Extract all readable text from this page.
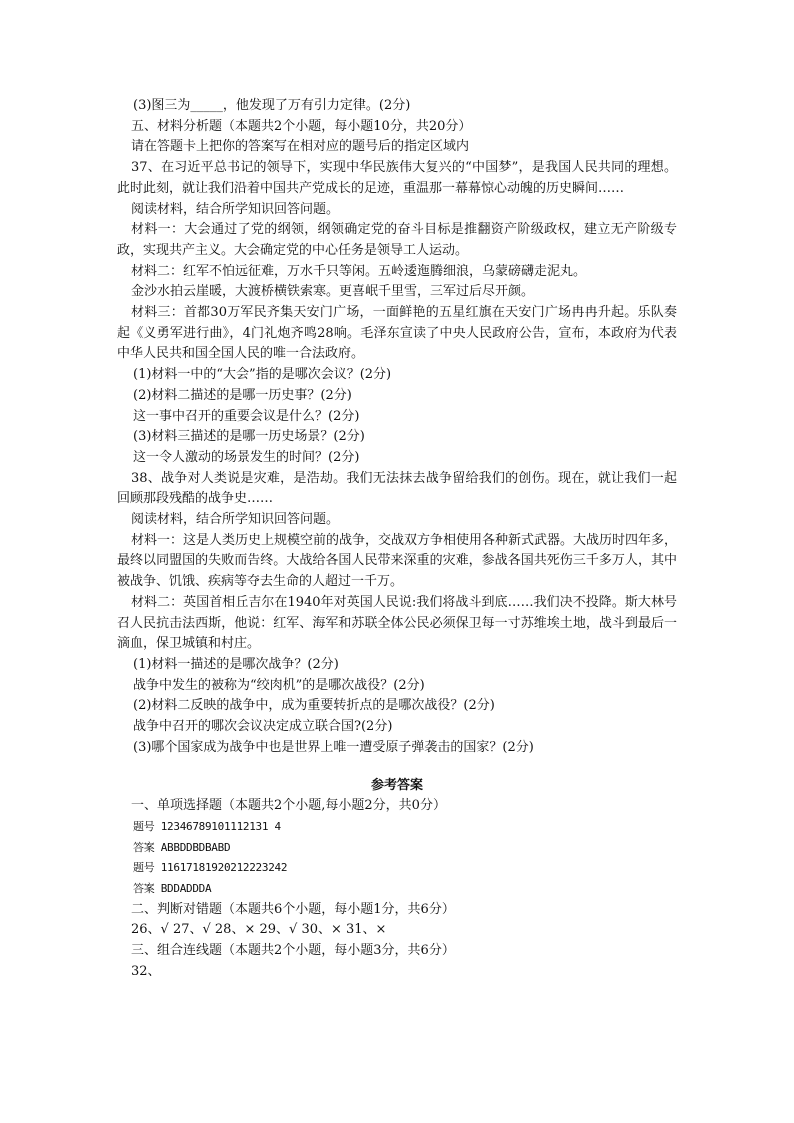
(3)图三为_____，他发现了万有引力定律。(2分)
五、材料分析题（本题共2个小题，每小题10分，共20分）
请在答题卡上把你的答案写在相对应的题号后的指定区域内
37、在习近平总书记的领导下，实现中华民族伟大复兴的“中国梦”，是我国人民共同的理想。此时此刻，就让我们沿着中国共产党成长的足迹，重温那一幕幕惊心动魄的历史瞬间……
阅读材料，结合所学知识回答问题。
材料一：大会通过了党的纲领，纲领确定党的奋斗目标是推翻资产阶级政权，建立无产阶级专政，实现共产主义。大会确定党的中心任务是领导工人运动。
材料二：红军不怕远征难，万水千只等闲。五岭逶迤腾细浪，乌蒙磅礴走泥丸。
金沙水拍云崖暖，大渡桥横铁索寒。更喜岷千里雪，三军过后尽开颜。
材料三：首都30万军民齐集天安门广场，一面鲜艳的五星红旗在天安门广场冉冉升起。乐队奏起《义勇军进行曲》，4门礼炮齐鸣28响。毛泽东宣读了中央人民政府公告，宣布，本政府为代表中华人民共和国全国人民的唯一合法政府。
(1)材料一中的“大会”指的是哪次会议？(2分)
(2)材料二描述的是哪一历史事？(2分)
这一事中召开的重要会议是什么？(2分)
(3)材料三描述的是哪一历史场景？(2分)
这一令人激动的场景发生的时间？(2分)
38、战争对人类说是灾难，是浩劫。我们无法抹去战争留给我们的创伤。现在，就让我们一起回顾那段残酷的战争史……
阅读材料，结合所学知识回答问题。
材料一：这是人类历史上规模空前的战争，交战双方争相使用各种新式武器。大战历时四年多，最终以同盟国的失败而告终。大战给各国人民带来深重的灾难，参战各国共死伤三千多万人，其中被战争、饥饿、疾病等夺去生命的人超过一千万。
材料二：英国首相丘吉尔在1940年对英国人民说:我们将战斗到底……我们决不投降。斯大林号召人民抗击法西斯，他说：红军、海军和苏联全体公民必须保卫每一寸苏维埃土地，战斗到最后一滴血，保卫城镇和村庄。
(1)材料一描述的是哪次战争？(2分)
战争中发生的被称为“绞肉机”的是哪次战役？(2分)
(2)材料二反映的战争中，成为重要转折点的是哪次战役？(2分)
战争中召开的哪次会议决定成立联合国?(2分)
(3)哪个国家成为战争中也是世界上唯一遭受原子弹袭击的国家？(2分)
参考答案
一、单项选择题（本题共2个小题,每小题2分，共0分）
题号 12346789101112131 4
答案 ABBDDBDBABD
题号 11617181920212223242
答案 BDDADDDA
二、判断对错题（本题共6个小题，每小题1分，共6分）
26、√ 27、√ 28、× 29、√ 30、× 31、×
三、组合连线题（本题共2个小题，每小题3分，共6分）
32、
